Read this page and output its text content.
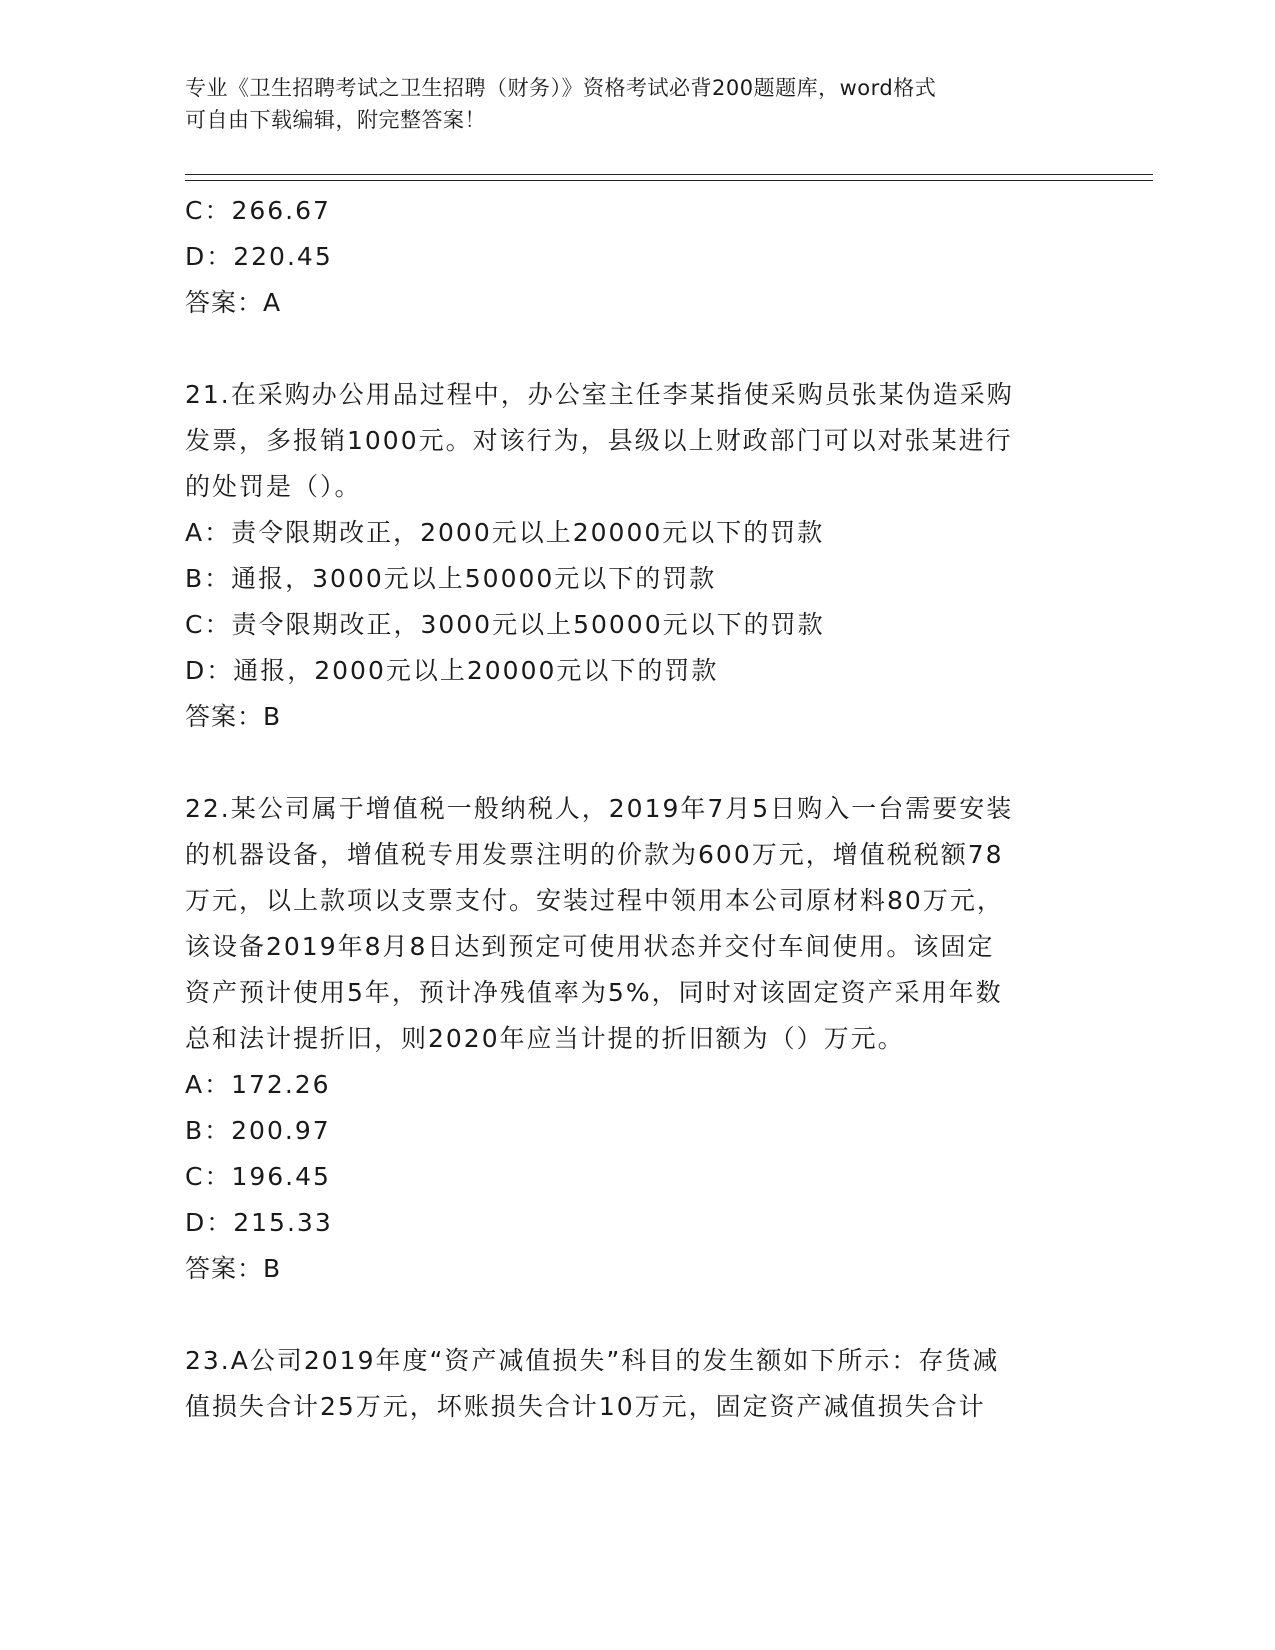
专业《卫生招聘考试之卫生招聘（财务）》资格考试必背200题题库，word格式
可自由下载编辑，附完整答案！
C：266.67
D：220.45
答案：A
21.在采购办公用品过程中，办公室主任李某指使采购员张某伪造采购
发票，多报销1000元。对该行为，县级以上财政部门可以对张某进行
的处罚是（）。
A：责令限期改正，2000元以上20000元以下的罚款
B：通报，3000元以上50000元以下的罚款
C：责令限期改正，3000元以上50000元以下的罚款
D：通报，2000元以上20000元以下的罚款
答案：B
22.某公司属于增值税一般纳税人，2019年7月5日购入一台需要安装
的机器设备，增值税专用发票注明的价款为600万元，增值税税额78
万元，以上款项以支票支付。安装过程中领用本公司原材料80万元，
该设备2019年8月8日达到预定可使用状态并交付车间使用。该固定
资产预计使用5年，预计净残值率为5%，同时对该固定资产采用年数
总和法计提折旧，则2020年应当计提的折旧额为（）万元。
A：172.26
B：200.97
C：196.45
D：215.33
答案：B
23.A公司2019年度“资产减值损失”科目的发生额如下所示：存货减
值损失合计25万元，坏账损失合计10万元，固定资产减值损失合计
